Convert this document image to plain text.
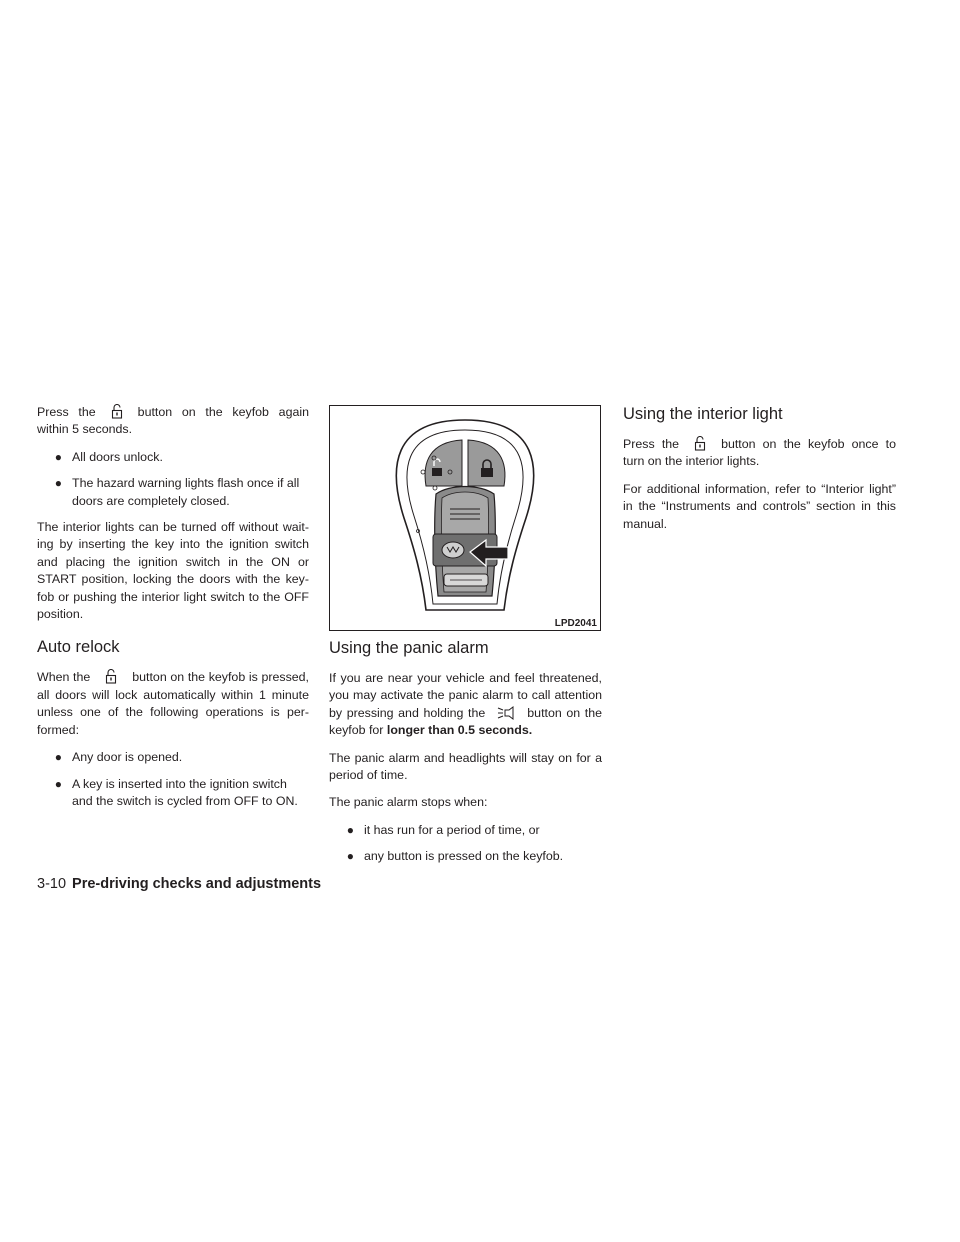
Press the	button on the keyfob again within 5 seconds.

● All doors unlock.
● The hazard warning lights flash once if all doors are completely closed.

The interior lights can be turned off without wait- ing by inserting the key into the ignition switch and placing the ignition switch in the ON or START position, locking the doors with the key- fob or pushing the interior light switch to the OFF position.

Auto relock

When the	button on the keyfob is pressed, all doors will lock automatically within 1 minute unless one of the following operations is per- formed:

● Any door is opened.
● A key is inserted into the ignition switch and the switch is cycled from OFF to ON.
LPD2041
Using the panic alarm

If you are near your vehicle and feel threatened, you may activate the panic alarm to call attention by pressing and holding the	button on the keyfob for longer than 0.5 seconds.

The panic alarm and headlights will stay on for a period of time.

The panic alarm stops when:

● it has run for a period of time, or
● any button is pressed on the keyfob.
Using the interior light

Press the	button on the keyfob once to turn on the interior lights.

For additional information, refer to “Interior light” in the “Instruments and controls” section in this manual.

3-10 Pre-driving checks and adjustments
